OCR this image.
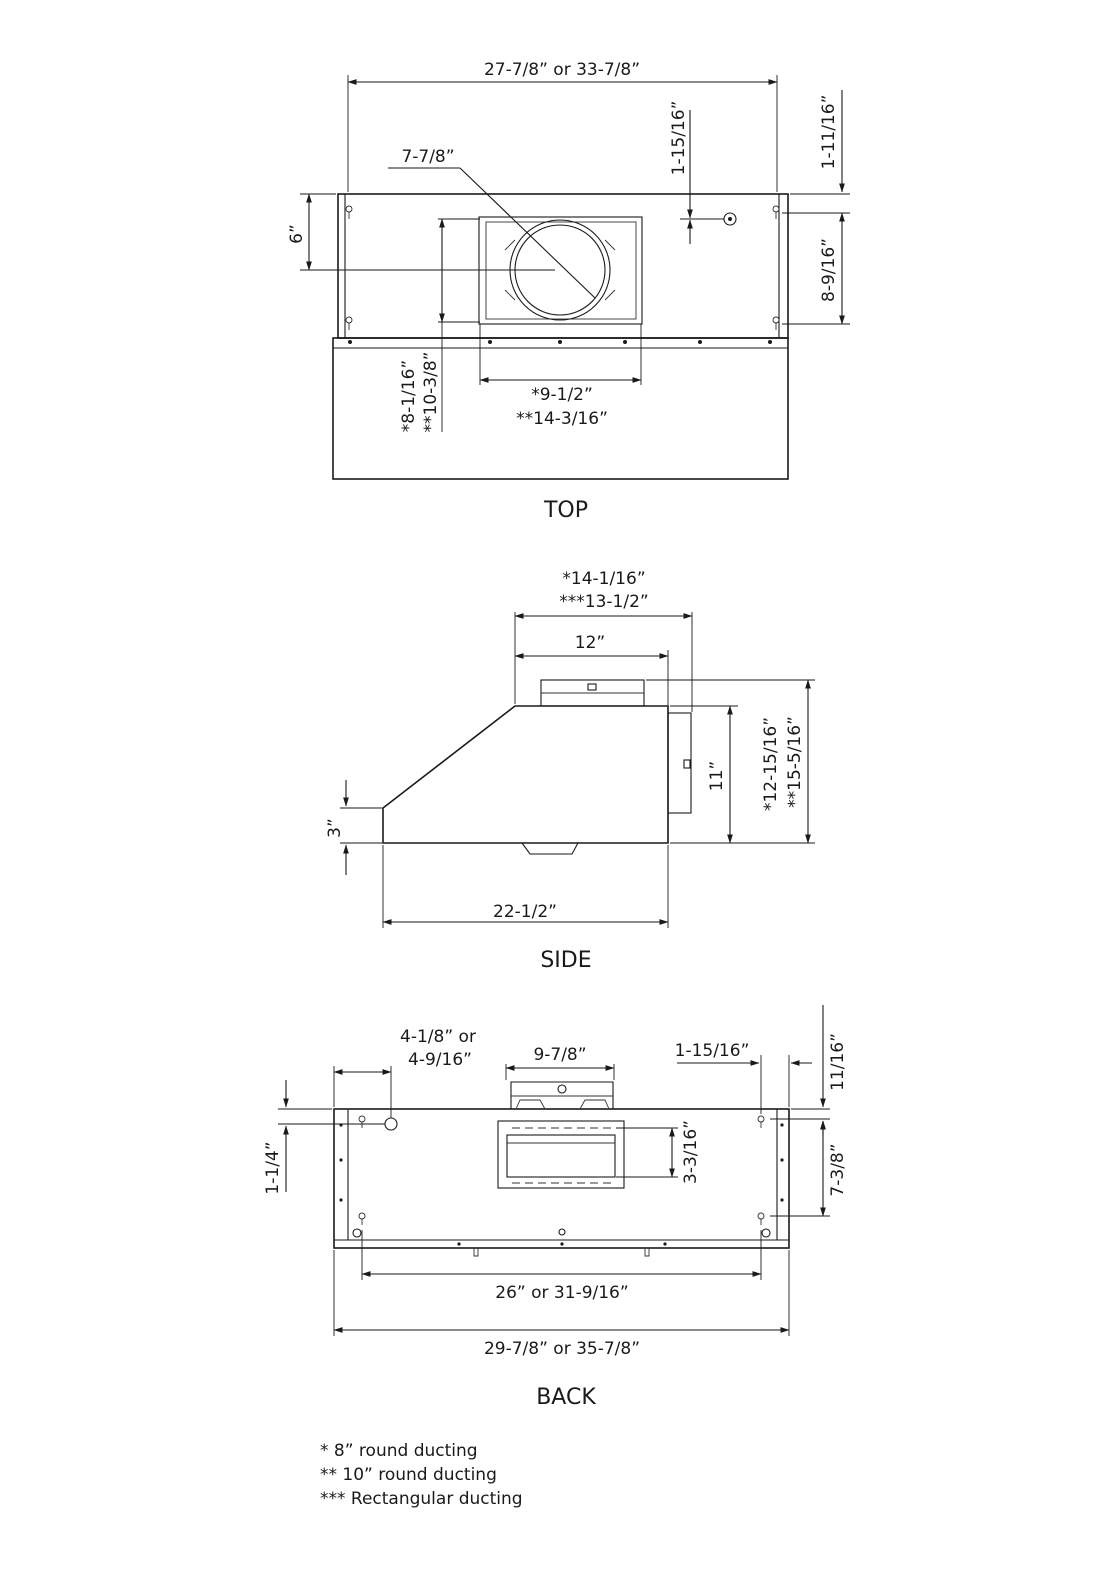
27-7/8” or 33-7/8”
7-7/8”	1-15/16”	1-11/16”
8-9/16”
6”
*8-1/16” **10-3/8”	*9-1/2”
**14-3/16”
TOP
*14-1/16”
***13-1/2”
12”
3”
11” *12-15/16” **15-5/16”
22-1/2”
SIDE
4-1/8” or
4-9/16”	9-7/8”	1-15/16”	11/16”
1-1/4”	3-3/16”	7-3/8”
26” or 31-9/16”
29-7/8” or 35-7/8”
BACK
* 8” round ducting
** 10” round ducting
*** Rectangular ducting
